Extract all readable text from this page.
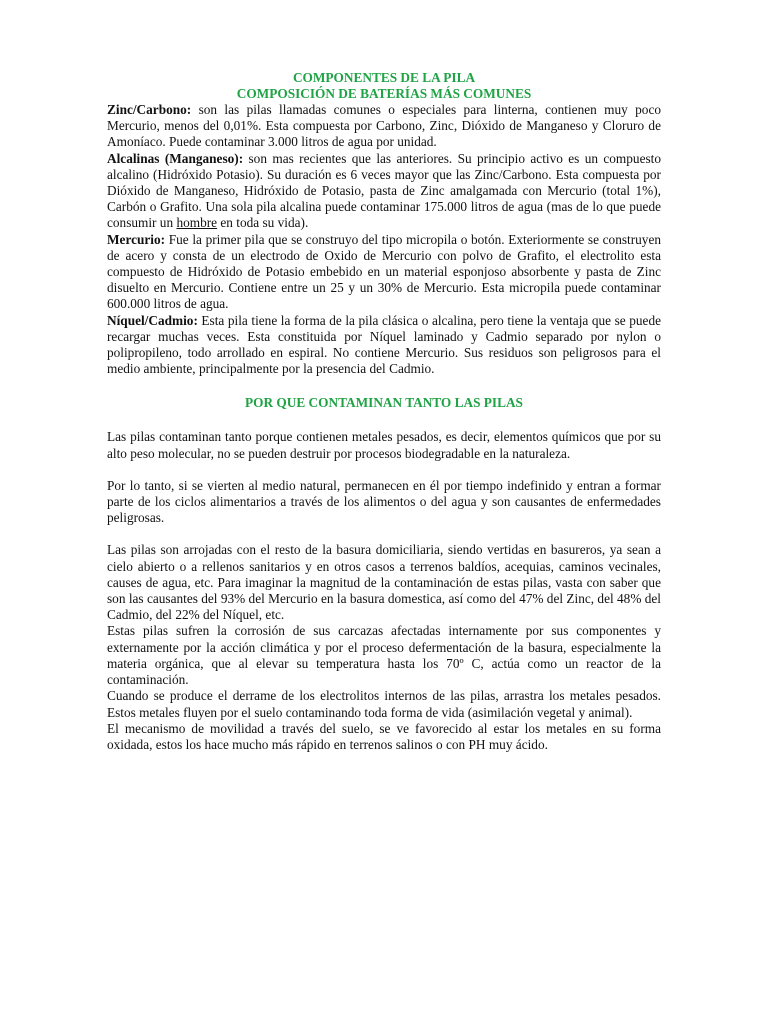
COMPONENTES DE LA PILA
COMPOSICIÓN DE BATERÍAS MÁS COMUNES

Zinc/Carbono: son las pilas llamadas comunes o especiales para linterna, contienen muy poco Mercurio, menos del 0,01%. Esta compuesta por Carbono, Zinc, Dióxido de Manganeso y Cloruro de Amoníaco. Puede contaminar 3.000 litros de agua por unidad.

Alcalinas (Manganeso): son mas recientes que las anteriores. Su principio activo es un compuesto alcalino (Hidróxido Potasio). Su duración es 6 veces mayor que las Zinc/Carbono. Esta compuesta por Dióxido de Manganeso, Hidróxido de Potasio, pasta de Zinc amalgamada con Mercurio (total 1%), Carbón o Grafito. Una sola pila alcalina puede contaminar 175.000 litros de agua (mas de lo que puede consumir un hombre en toda su vida).

Mercurio: Fue la primer pila que se construyo del tipo micropila o botón. Exteriormente se construyen de acero y consta de un electrodo de Oxido de Mercurio con polvo de Grafito, el electrolito esta compuesto de Hidróxido de Potasio embebido en un material esponjoso absorbente y pasta de Zinc disuelto en Mercurio. Contiene entre un 25 y un 30% de Mercurio. Esta micropila puede contaminar 600.000 litros de agua.

Níquel/Cadmio: Esta pila tiene la forma de la pila clásica o alcalina, pero tiene la ventaja que se puede recargar muchas veces. Esta constituida por Níquel laminado y Cadmio separado por nylon o polipropileno, todo arrollado en espiral. No contiene Mercurio. Sus residuos son peligrosos para el medio ambiente, principalmente por la presencia del Cadmio.

POR QUE CONTAMINAN TANTO LAS PILAS

Las pilas contaminan tanto porque contienen metales pesados, es decir, elementos químicos que por su alto peso molecular, no se pueden destruir por procesos biodegradable en la naturaleza.

Por lo tanto, si se vierten al medio natural, permanecen en él por tiempo indefinido y entran a formar parte de los ciclos alimentarios a través de los alimentos o del agua y son causantes de enfermedades peligrosas.

Las pilas son arrojadas con el resto de la basura domiciliaria, siendo vertidas en basureros, ya sean a cielo abierto o a rellenos sanitarios y en otros casos a terrenos baldíos, acequias, caminos vecinales, causes de agua, etc. Para imaginar la magnitud de la contaminación de estas pilas, vasta con saber que son las causantes del 93% del Mercurio en la basura domestica, así como del 47% del Zinc, del 48% del Cadmio, del 22% del Níquel, etc.

Estas pilas sufren la corrosión de sus carcazas afectadas internamente por sus componentes y externamente por la acción climática y por el proceso defermentación de la basura, especialmente la materia orgánica, que al elevar su temperatura hasta los 70º C, actúa como un reactor de la contaminación.

Cuando se produce el derrame de los electrolitos internos de las pilas, arrastra los metales pesados. Estos metales fluyen por el suelo contaminando toda forma de vida (asimilación vegetal y animal).

El mecanismo de movilidad a través del suelo, se ve favorecido al estar los metales en su forma oxidada, estos los hace mucho más rápido en terrenos salinos o con PH muy ácido.
